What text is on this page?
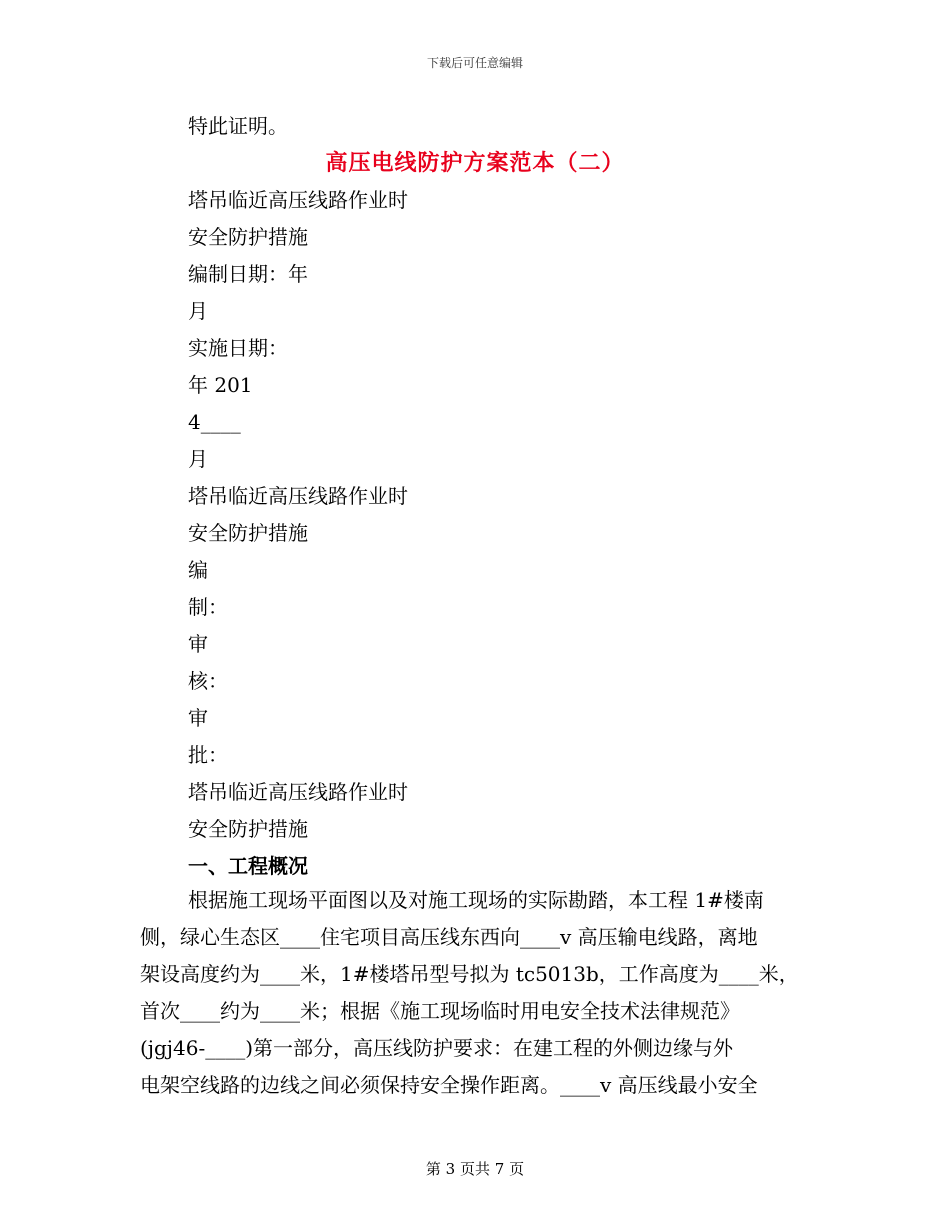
下载后可任意编辑
特此证明。
高压电线防护方案范本（二）
塔吊临近高压线路作业时
安全防护措施
编制日期：年
月
实施日期：
年 201
4____
月
塔吊临近高压线路作业时
安全防护措施
编
制：
审
核：
审
批：
塔吊临近高压线路作业时
安全防护措施
一、工程概况
根据施工现场平面图以及对施工现场的实际勘踏，本工程 1#楼南
侧，绿心生态区____住宅项目高压线东西向____v 高压输电线路，离地
架设高度约为____米，1#楼塔吊型号拟为 tc5013b，工作高度为____米，
首次____约为____米；根据《施工现场临时用电安全技术法律规范》
(jgj46-____)第一部分，高压线防护要求：在建工程的外侧边缘与外
电架空线路的边线之间必须保持安全操作距离。____v 高压线最小安全
第 3 页共 7 页
